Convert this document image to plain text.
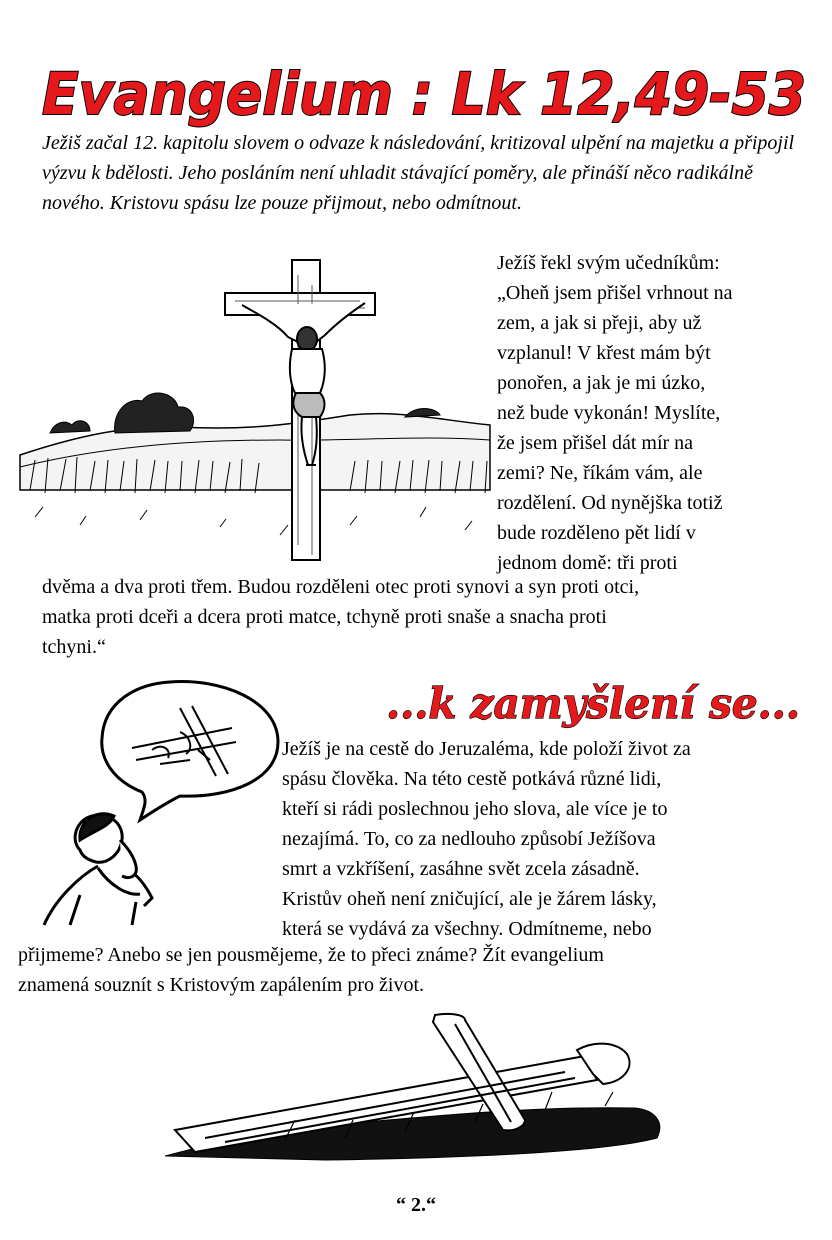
Evangelium : Lk 12,49-53

Ježiš začal 12. kapitolu slovem o odvaze k následování, kritizoval ulpění na majetku a připojil výzvu k bdělosti. Jeho posláním není uhladit stávající poměry, ale přináší něco radikálně nového. Kristovu spásu lze pouze přijmout, nebo odmítnout.

Ježíš řekl svým učedníkům:
„Oheň jsem přišel vrhnout na
zem, a jak si přeji, aby už
vzplanul! V křest mám být
ponořen, a jak je mi úzko,
než bude vykonán! Myslíte,
že jsem přišel dát mír na
zemi? Ne, říkám vám, ale
rozdělení. Od nynějška totiž
bude rozděleno pět lidí v
jednom domě: tři proti
dvěma a dva proti třem. Budou rozděleni otec proti synovi a syn proti otci,
matka proti dceři a dcera proti matce, tchyně proti snaše a snacha proti
tchyni.“
...k zamyšlení se...
Ježíš je na cestě do Jeruzaléma, kde položí život za
spásu člověka. Na této cestě potkává různé lidi,
kteří si rádi poslechnou jeho slova, ale více je to
nezajímá. To, co za nedlouho způsobí Ježíšova
smrt a vzkříšení, zasáhne svět zcela zásadně.
Kristův oheň není zničující, ale je žárem lásky,
která se vydává za všechny. Odmítneme, nebo
přijmeme? Anebo se jen pousmějeme, že to přeci známe? Žít evangelium
znamená souznít s Kristovým zapálením pro život.
“ 2.“
